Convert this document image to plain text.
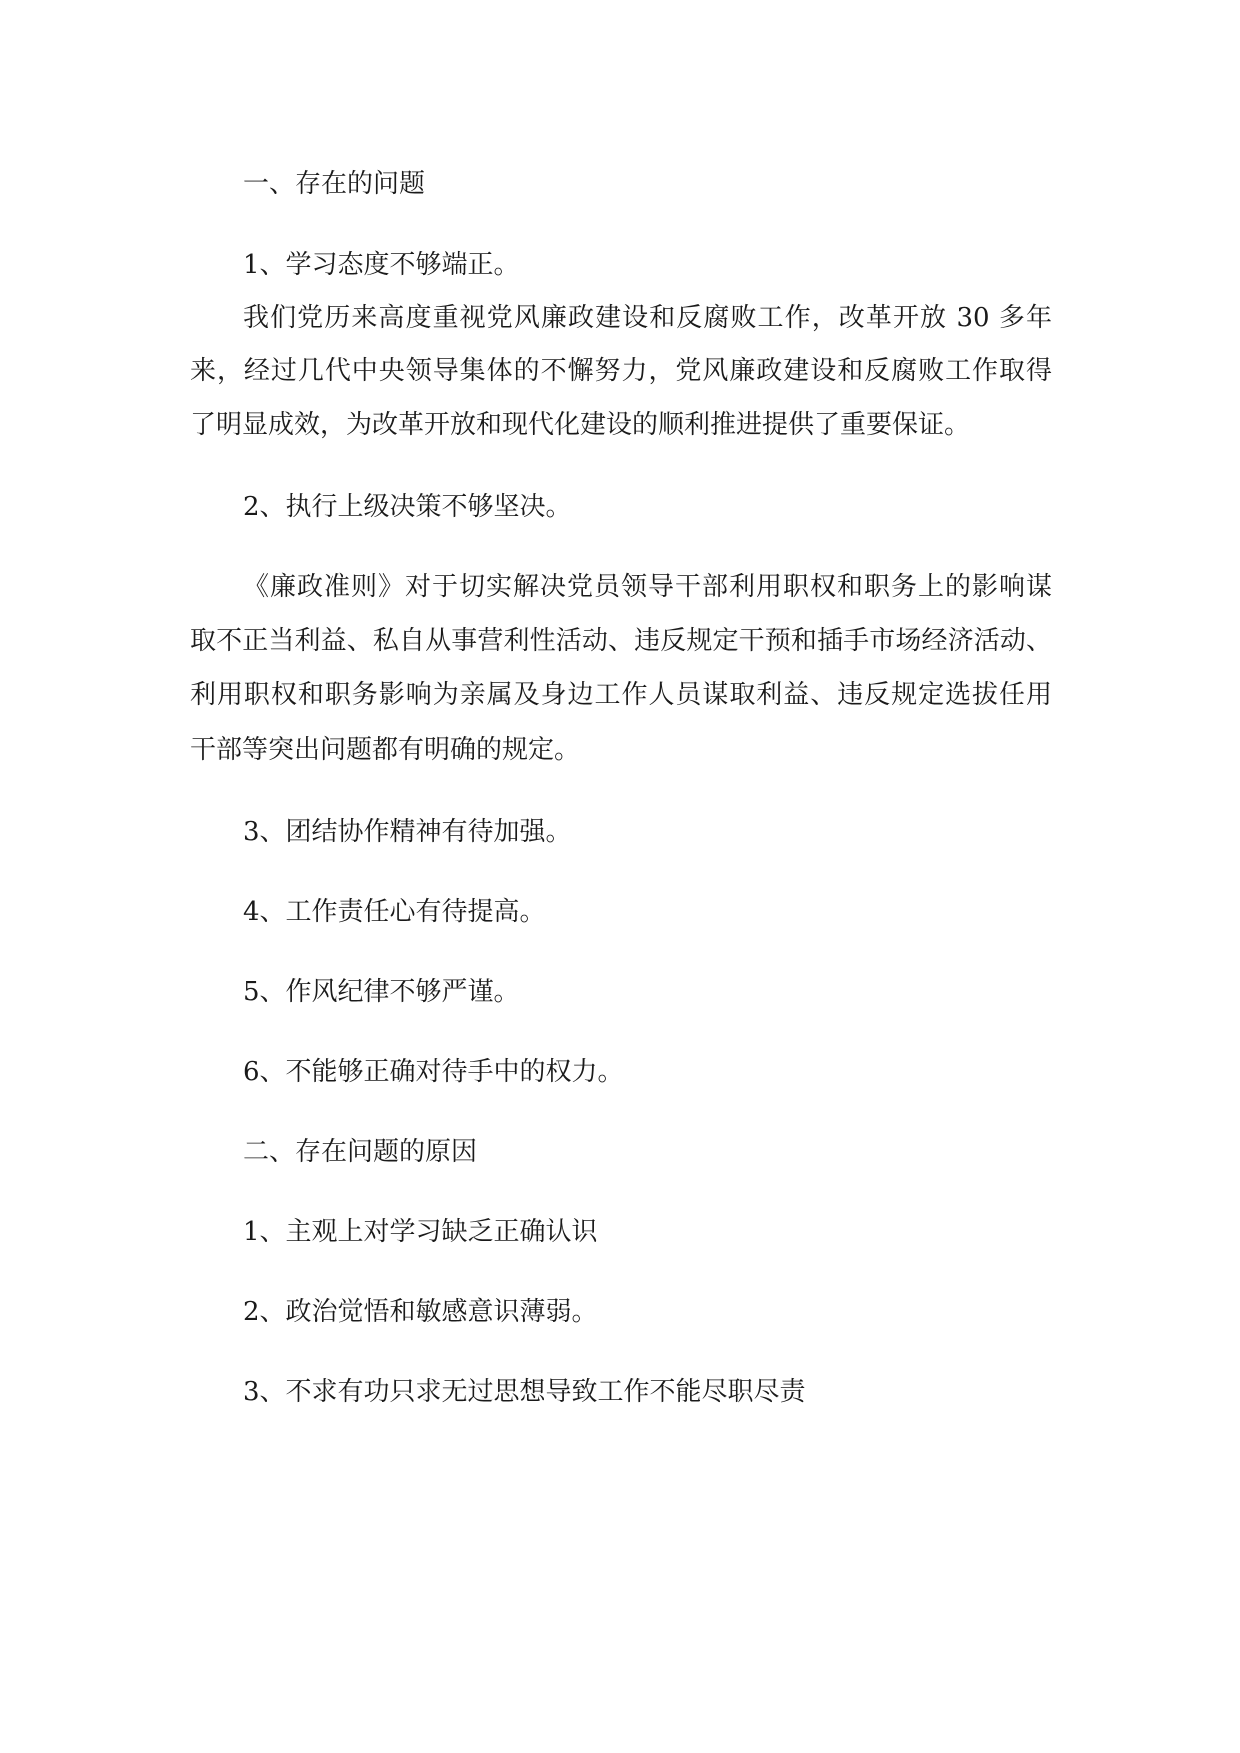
一、存在的问题
1、学习态度不够端正。
我们党历来高度重视党风廉政建设和反腐败工作，改革开放 30 多年
来，经过几代中央领导集体的不懈努力，党风廉政建设和反腐败工作取得
了明显成效，为改革开放和现代化建设的顺利推进提供了重要保证。
2、执行上级决策不够坚决。
《廉政准则》对于切实解决党员领导干部利用职权和职务上的影响谋
取不正当利益、私自从事营利性活动、违反规定干预和插手市场经济活动、
利用职权和职务影响为亲属及身边工作人员谋取利益、违反规定选拔任用
干部等突出问题都有明确的规定。
3、团结协作精神有待加强。
4、工作责任心有待提高。
5、作风纪律不够严谨。
6、不能够正确对待手中的权力。
二、存在问题的原因
1、主观上对学习缺乏正确认识
2、政治觉悟和敏感意识薄弱。
3、不求有功只求无过思想导致工作不能尽职尽责
